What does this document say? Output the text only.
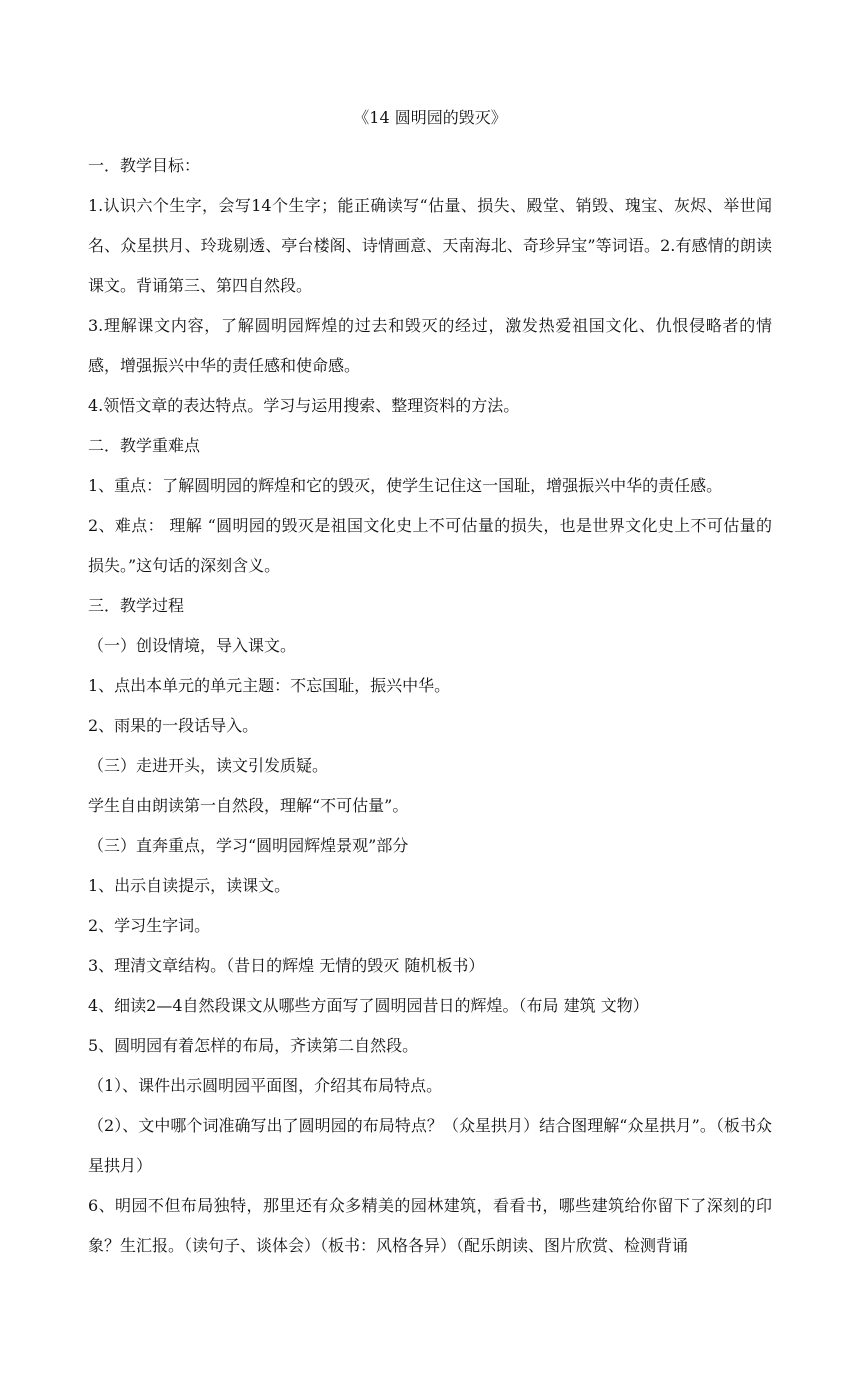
《14 圆明园的毁灭》

一．教学目标：

1.认识六个生字，会写14个生字；能正确读写“估量、损失、殿堂、销毁、瑰宝、灰烬、举世闻名、众星拱月、玲珑剔透、亭台楼阁、诗情画意、天南海北、奇珍异宝”等词语。2.有感情的朗读课文。背诵第三、第四自然段。

3.理解课文内容，了解圆明园辉煌的过去和毁灭的经过，激发热爱祖国文化、仇恨侵略者的情感，增强振兴中华的责任感和使命感。

4.领悟文章的表达特点。学习与运用搜索、整理资料的方法。

二．教学重难点

1、重点：了解圆明园的辉煌和它的毁灭，使学生记住这一国耻，增强振兴中华的责任感。

2、难点： 理解 “圆明园的毁灭是祖国文化史上不可估量的损失，也是世界文化史上不可估量的损失。”这句话的深刻含义。

三．教学过程

（一）创设情境，导入课文。

1、点出本单元的单元主题：不忘国耻，振兴中华。

2、雨果的一段话导入。

（三）走进开头，读文引发质疑。

学生自由朗读第一自然段，理解“不可估量”。

（三）直奔重点，学习“圆明园辉煌景观”部分

1、出示自读提示，读课文。

2、学习生字词。

3、理清文章结构。（昔日的辉煌 无情的毁灭 随机板书）

4、细读2—4自然段课文从哪些方面写了圆明园昔日的辉煌。（布局 建筑 文物）

5、圆明园有着怎样的布局，齐读第二自然段。

（1）、课件出示圆明园平面图，介绍其布局特点。

（2）、文中哪个词准确写出了圆明园的布局特点？（众星拱月）结合图理解“众星拱月”。（板书众星拱月）

6、明园不但布局独特，那里还有众多精美的园林建筑，看看书，哪些建筑给你留下了深刻的印象？生汇报。（读句子、谈体会）（板书：风格各异）（配乐朗读、图片欣赏、检测背诵
